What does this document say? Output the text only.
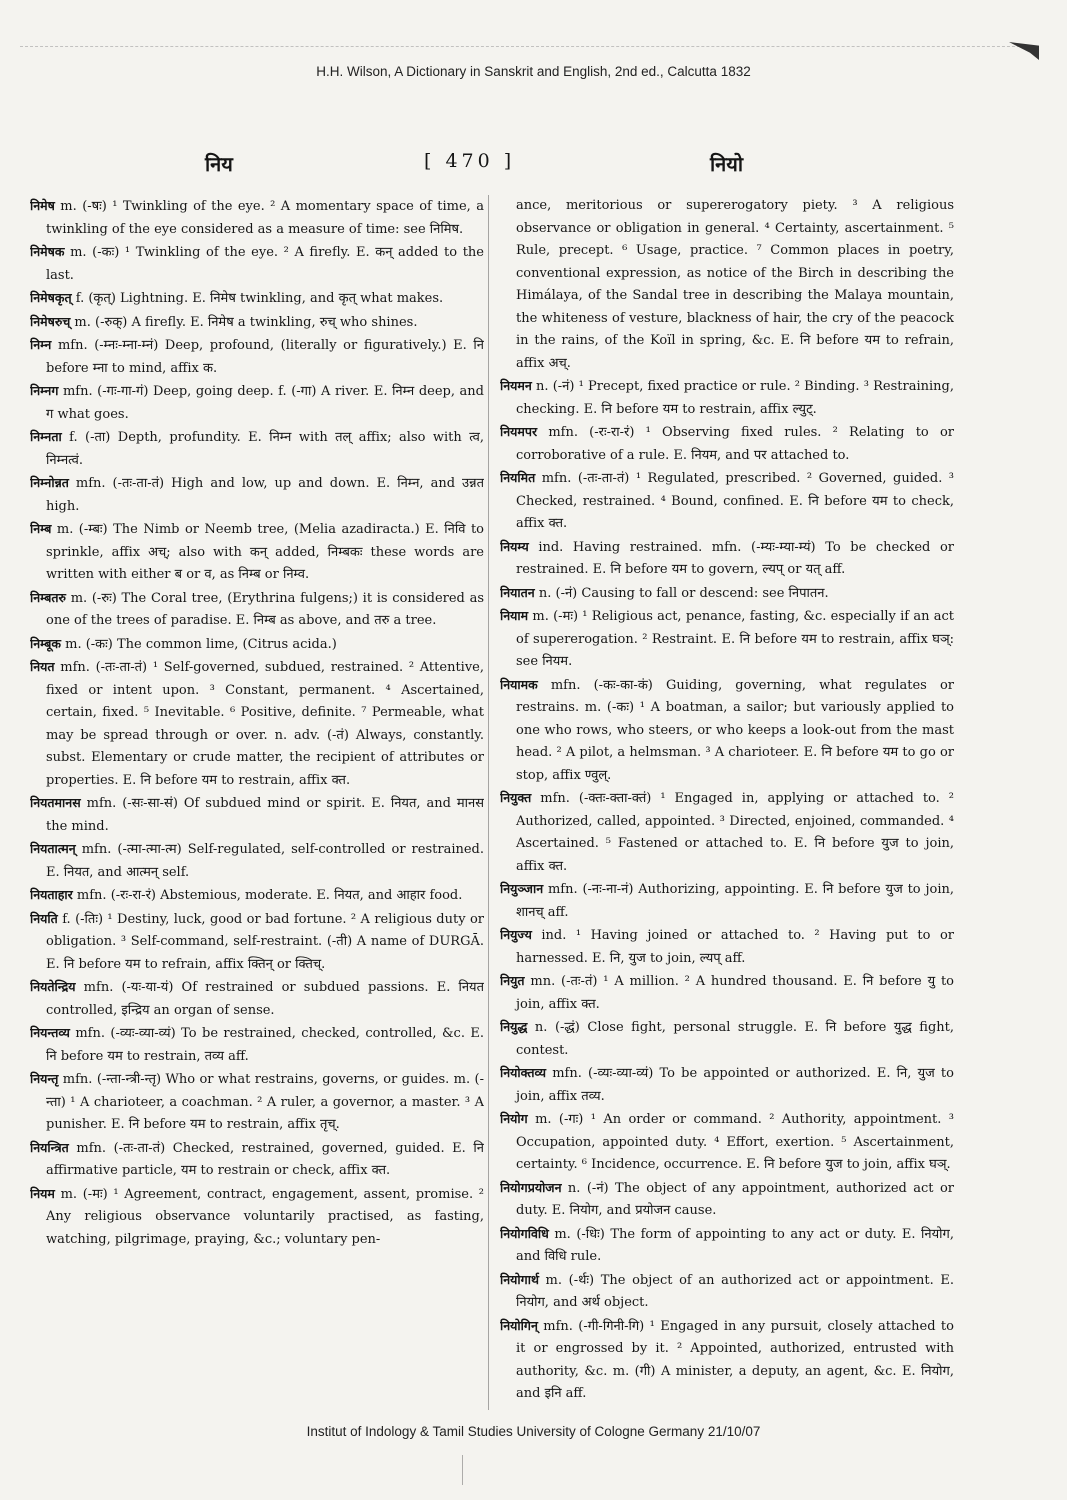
H.H. Wilson, A Dictionary in Sanskrit and English, 2nd ed., Calcutta 1832
निय	[ 470 ]	नियो

निमेष m. (-षः) ¹ Twinkling of the eye. ² A momentary space of time, a twinkling of the eye considered as a measure of time: see निमिष.

निमेषक m. (-कः) ¹ Twinkling of the eye. ² A firefly. E. कन् added to the last.

निमेषकृत् f. (कृत्) Lightning. E. निमेष twinkling, and कृत् what makes.

निमेषरुच् m. (-रुक्) A firefly. E. निमेष a twinkling, रुच् who shines.

निम्न mfn. (-म्नः-म्ना-म्नं) Deep, profound, (literally or figuratively.) E. नि before म्ना to mind, affix क.

निम्नग mfn. (-गः-गा-गं) Deep, going deep. f. (-गा) A river. E. निम्न deep, and ग what goes.

निम्नता f. (-ता) Depth, profundity. E. निम्न with तल् affix; also with त्व, निम्नत्वं.

निम्नोन्नत mfn. (-तः-ता-तं) High and low, up and down. E. निम्न, and उन्नत high.

निम्ब m. (-म्बः) The Nimb or Neemb tree, (Melia azadiracta.) E. निवि to sprinkle, affix अच्; also with कन् added, निम्बकः these words are written with either ब or व, as निम्ब or निम्व.

निम्बतरु m. (-रुः) The Coral tree, (Erythrina fulgens;) it is considered as one of the trees of paradise. E. निम्ब as above, and तरु a tree.

निम्बूक m. (-कः) The common lime, (Citrus acida.)

नियत mfn. (-तः-ता-तं) ¹ Self-governed, subdued, restrained. ² Attentive, fixed or intent upon. ³ Constant, permanent. ⁴ Ascertained, certain, fixed. ⁵ Inevitable. ⁶ Positive, definite. ⁷ Permeable, what may be spread through or over. n. adv. (-तं) Always, constantly. subst. Elementary or crude matter, the recipient of attributes or properties. E. नि before यम to restrain, affix क्त.

नियतमानस mfn. (-सः-सा-सं) Of subdued mind or spirit. E. नियत, and मानस the mind.

नियतात्मन् mfn. (-त्मा-त्मा-त्म) Self-regulated, self-controlled or restrained. E. नियत, and आत्मन् self.

नियताहार mfn. (-रः-रा-रं) Abstemious, moderate. E. नियत, and आहार food.

नियति f. (-तिः) ¹ Destiny, luck, good or bad fortune. ² A religious duty or obligation. ³ Self-command, self-restraint. (-ती) A name of DURGĀ. E. नि before यम to refrain, affix क्तिन् or क्तिच्.

नियतेन्द्रिय mfn. (-यः-या-यं) Of restrained or subdued passions. E. नियत controlled, इन्द्रिय an organ of sense.

नियन्तव्य mfn. (-व्यः-व्या-व्यं) To be restrained, checked, controlled, &c. E. नि before यम to restrain, तव्य aff.

नियन्तृ mfn. (-न्ता-न्त्री-न्तृ) Who or what restrains, governs, or guides. m. (-न्ता) ¹ A charioteer, a coachman. ² A ruler, a governor, a master. ³ A punisher. E. नि before यम to restrain, affix तृच्.

नियन्त्रित mfn. (-तः-ता-तं) Checked, restrained, governed, guided. E. नि affirmative particle, यम to restrain or check, affix क्त.

नियम m. (-मः) ¹ Agreement, contract, engagement, assent, promise. ² Any religious observance voluntarily practised, as fasting, watching, pilgrimage, praying, &c.; voluntary pen-

ance, meritorious or supererogatory piety. ³ A religious observance or obligation in general. ⁴ Certainty, ascertainment. ⁵ Rule, precept. ⁶ Usage, practice. ⁷ Common places in poetry, conventional expression, as notice of the Birch in describing the Himálaya, of the Sandal tree in describing the Malaya mountain, the whiteness of vesture, blackness of hair, the cry of the peacock in the rains, of the Koïl in spring, &c. E. नि before यम to refrain, affix अच्.

नियमन n. (-नं) ¹ Precept, fixed practice or rule. ² Binding. ³ Restraining, checking. E. नि before यम to restrain, affix ल्युट्.

नियमपर mfn. (-रः-रा-रं) ¹ Observing fixed rules. ² Relating to or corroborative of a rule. E. नियम, and पर attached to.

नियमित mfn. (-तः-ता-तं) ¹ Regulated, prescribed. ² Governed, guided. ³ Checked, restrained. ⁴ Bound, confined. E. नि before यम to check, affix क्त.

नियम्य ind. Having restrained. mfn. (-म्यः-म्या-म्यं) To be checked or restrained. E. नि before यम to govern, ल्यप् or यत् aff.

नियातन n. (-नं) Causing to fall or descend: see निपातन.

नियाम m. (-मः) ¹ Religious act, penance, fasting, &c. especially if an act of supererogation. ² Restraint. E. नि before यम to restrain, affix घञ्: see नियम.

नियामक mfn. (-कः-का-कं) Guiding, governing, what regulates or restrains. m. (-कः) ¹ A boatman, a sailor; but variously applied to one who rows, who steers, or who keeps a look-out from the mast head. ² A pilot, a helmsman. ³ A charioteer. E. नि before यम to go or stop, affix ण्वुल्.

नियुक्त mfn. (-क्तः-क्ता-क्तं) ¹ Engaged in, applying or attached to. ² Authorized, called, appointed. ³ Directed, enjoined, commanded. ⁴ Ascertained. ⁵ Fastened or attached to. E. नि before युज to join, affix क्त.

नियुञ्जान mfn. (-नः-ना-नं) Authorizing, appointing. E. नि before युज to join, शानच् aff.

नियुज्य ind. ¹ Having joined or attached to. ² Having put to or harnessed. E. नि, युज to join, ल्यप् aff.

नियुत mn. (-तः-तं) ¹ A million. ² A hundred thousand. E. नि before यु to join, affix क्त.

नियुद्ध n. (-द्धं) Close fight, personal struggle. E. नि before युद्ध fight, contest.

नियोक्तव्य mfn. (-व्यः-व्या-व्यं) To be appointed or authorized. E. नि, युज to join, affix तव्य.

नियोग m. (-गः) ¹ An order or command. ² Authority, appointment. ³ Occupation, appointed duty. ⁴ Effort, exertion. ⁵ Ascertainment, certainty. ⁶ Incidence, occurrence. E. नि before युज to join, affix घञ्.

नियोगप्रयोजन n. (-नं) The object of any appointment, authorized act or duty. E. नियोग, and प्रयोजन cause.

नियोगविधि m. (-धिः) The form of appointing to any act or duty. E. नियोग, and विधि rule.

नियोगार्थ m. (-र्थः) The object of an authorized act or appointment. E. नियोग, and अर्थ object.

नियोगिन् mfn. (-गी-गिनी-गि) ¹ Engaged in any pursuit, closely attached to it or engrossed by it. ² Appointed, authorized, entrusted with authority, &c. m. (गी) A minister, a deputy, an agent, &c. E. नियोग, and इनि aff.

Institut of Indology & Tamil Studies University of Cologne Germany 21/10/07
